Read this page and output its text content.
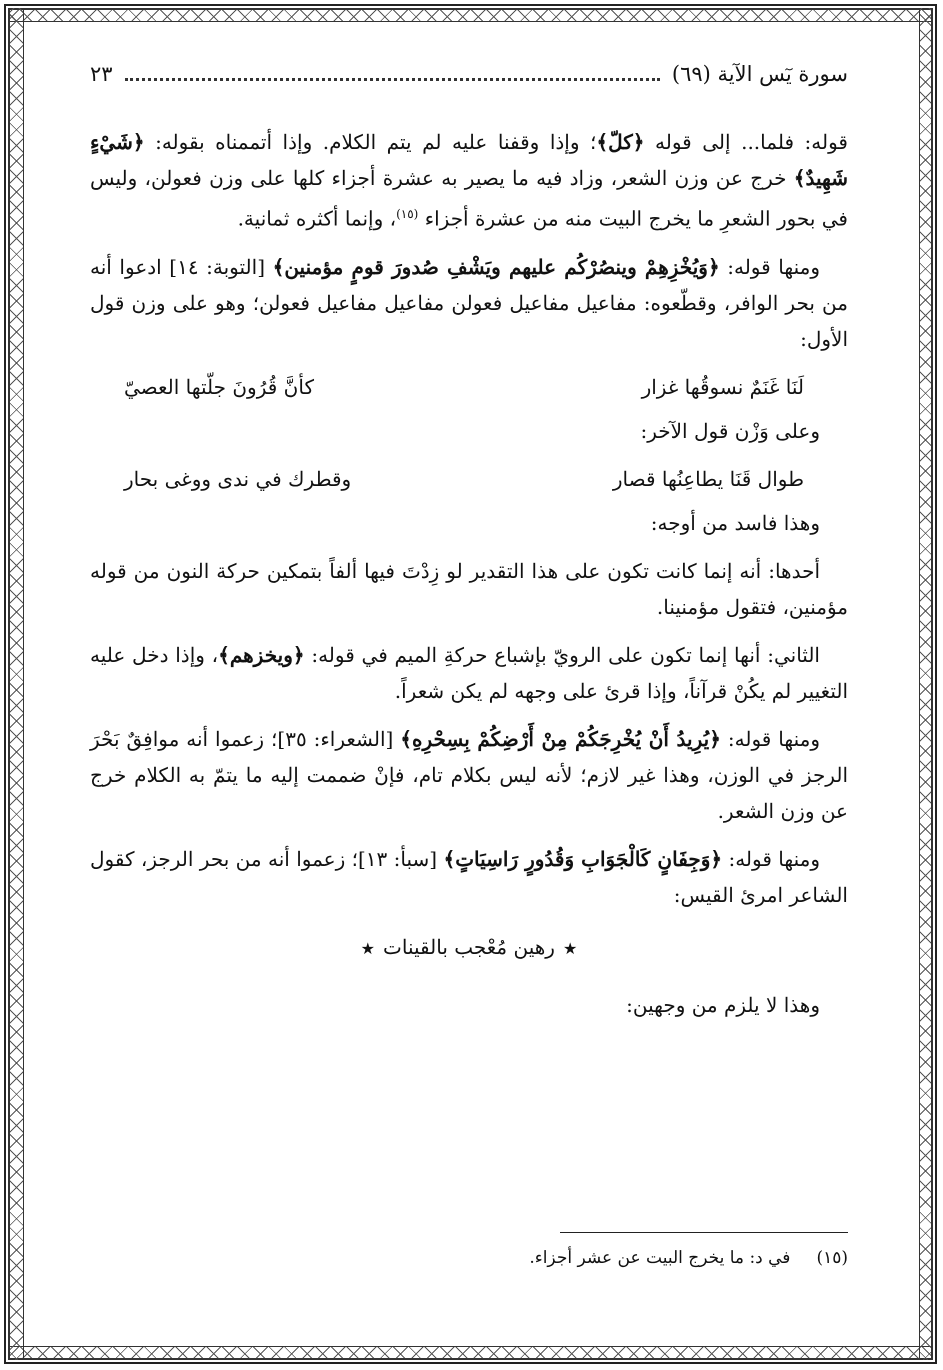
سورة يٓس الآية (٦٩)
٢٣

قوله: فلما... إلى قوله ﴿كلّ﴾؛ وإذا وقفنا عليه لم يتم الكلام. وإذا أتممناه بقوله: ﴿شَيْءٍ شَهِيدٌ﴾ خرج عن وزن الشعر، وزاد فيه ما يصير به عشرة أجزاء كلها على وزن فعولن، وليس في بحور الشعرِ ما يخرج البيت منه من عشرة أجزاء $^{(١٥)}$، وإنما أكثره ثمانية.

ومنها قوله: ﴿وَيُخْزِهِمْ وينصُرْكُم عليهم ويَشْفِ صُدورَ قومٍ مؤمنين﴾ [التوبة: ١٤] ادعوا أنه من بحر الوافر، وقطّعوه: مفاعيل مفاعيل فعولن مفاعيل مفاعيل فعولن؛ وهو على وزن قول الأول:

لَنَا غَنَمٌ نسوقُها غزار
كأنَّ قُرُونَ جلّتها العصيّ

وعلى وَزْن قول الآخر:

طوال قَنَا يطاعِنُها قصار
وقطرك في ندى ووغى بحار

وهذا فاسد من أوجه:

أحدها: أنه إنما كانت تكون على هذا التقدير لو زِدْتَ فيها ألفاً بتمكين حركة النون من قوله مؤمنين، فتقول مؤمنينا.

الثاني: أنها إنما تكون على الرويّ بإشباع حركةِ الميم في قوله: ﴿ويخزهم﴾، وإذا دخل عليه التغيير لم يكُنْ قرآناً، وإذا قرئ على وجهه لم يكن شعراً.

ومنها قوله: ﴿يُرِيدُ أَنْ يُخْرِجَكُمْ مِنْ أَرْضِكُمْ بِسِحْرِهِ﴾ [الشعراء: ٣٥]؛ زعموا أنه موافِقٌ بَحْرَ الرجز في الوزن، وهذا غير لازم؛ لأنه ليس بكلام تام، فإنْ ضممت إليه ما يتمّ به الكلام خرج عن وزن الشعر.

ومنها قوله: ﴿وَجِفَانٍ كَالْجَوَابِ وَقُدُورٍ رَاسِيَاتٍ﴾ [سبأ: ١٣]؛ زعموا أنه من بحر الرجز، كقول الشاعر امرئ القيس:

★رهين مُعْجب بالقينات★

وهذا لا يلزم من وجهين:

(١٥)في د: ما يخرج البيت عن عشر أجزاء.
